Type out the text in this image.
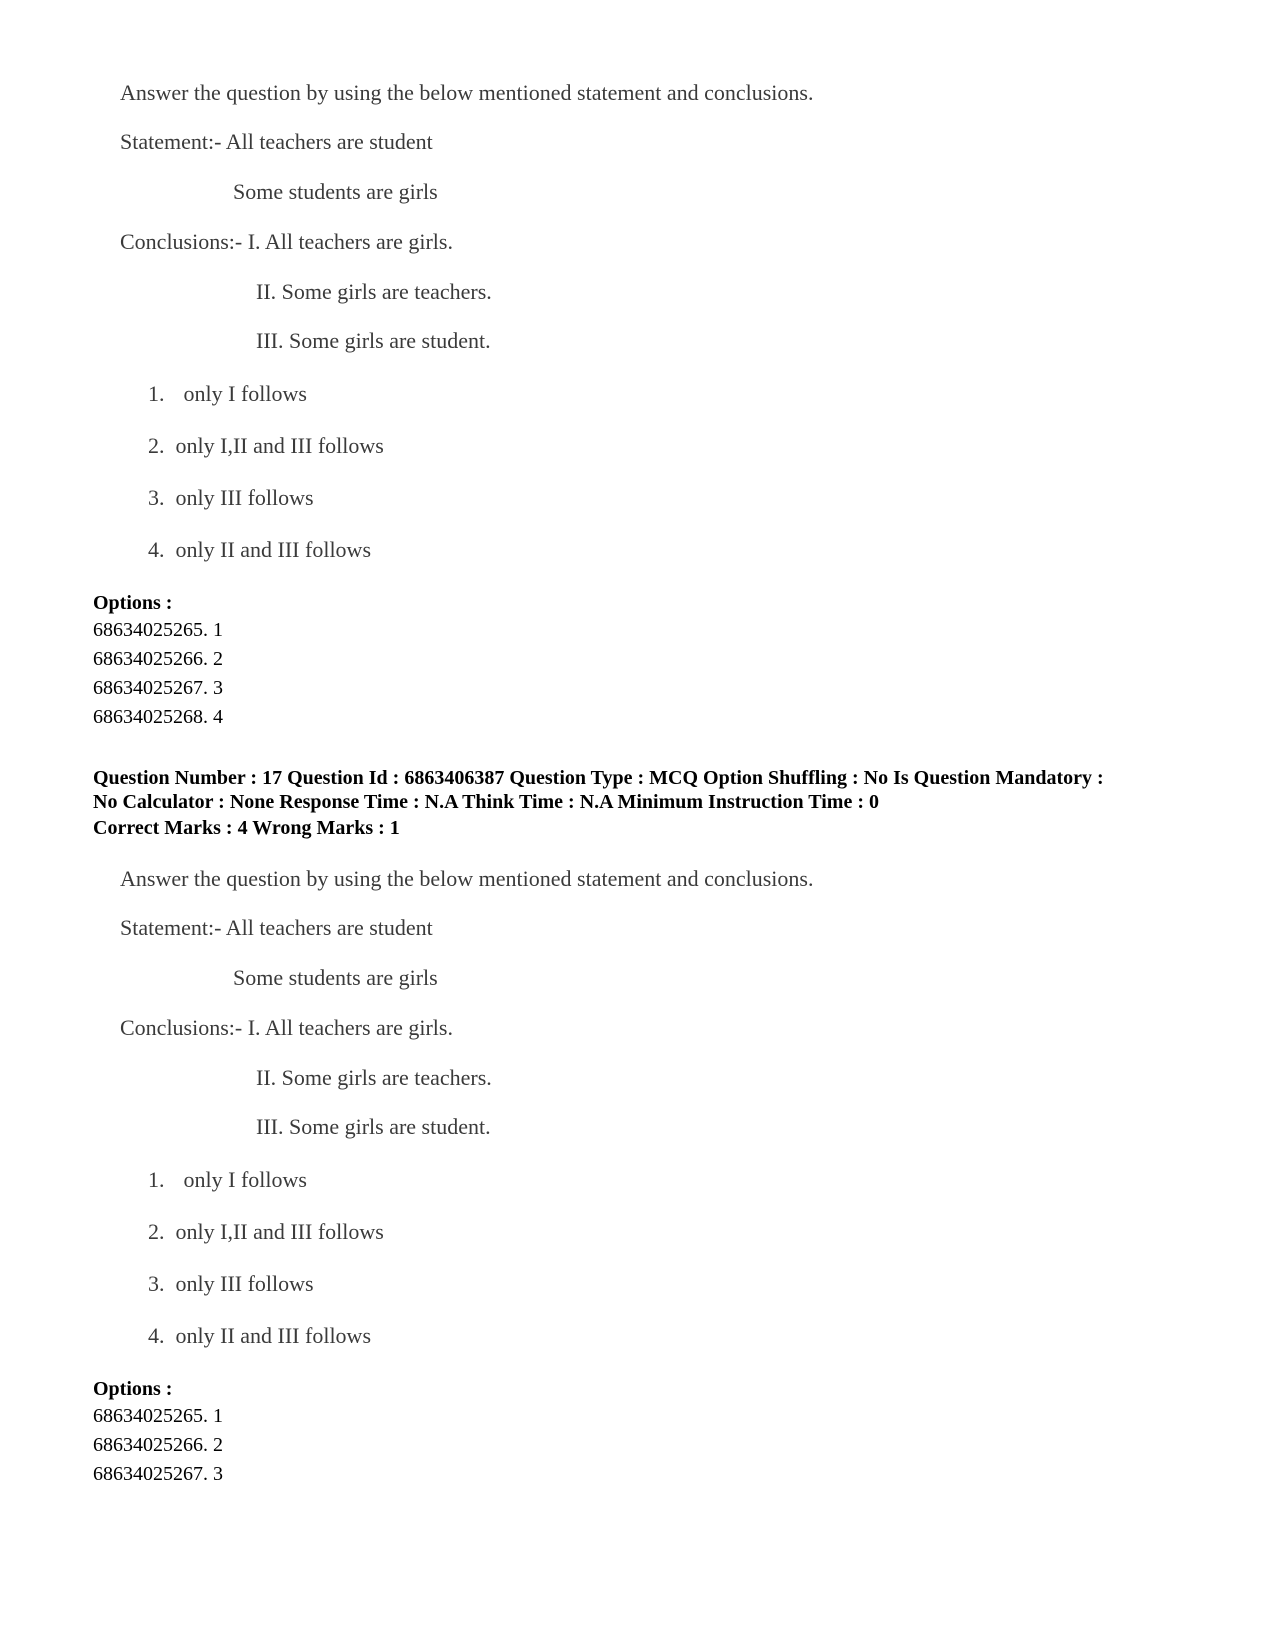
Answer the question by using the below mentioned statement and conclusions.
Statement:- All teachers are student
Some students are girls
Conclusions:- I. All teachers are girls.
II. Some girls are teachers.
III. Some girls are student.
1. only I follows
2. only I,II and III follows
3. only III follows
4. only II and III follows
Options :
68634025265. 1
68634025266. 2
68634025267. 3
68634025268. 4
Question Number : 17 Question Id : 6863406387 Question Type : MCQ Option Shuffling : No Is Question Mandatory :
No Calculator : None Response Time : N.A Think Time : N.A Minimum Instruction Time : 0
Correct Marks : 4 Wrong Marks : 1
Answer the question by using the below mentioned statement and conclusions.
Statement:- All teachers are student
Some students are girls
Conclusions:- I. All teachers are girls.
II. Some girls are teachers.
III. Some girls are student.
1. only I follows
2. only I,II and III follows
3. only III follows
4. only II and III follows
Options :
68634025265. 1
68634025266. 2
68634025267. 3
